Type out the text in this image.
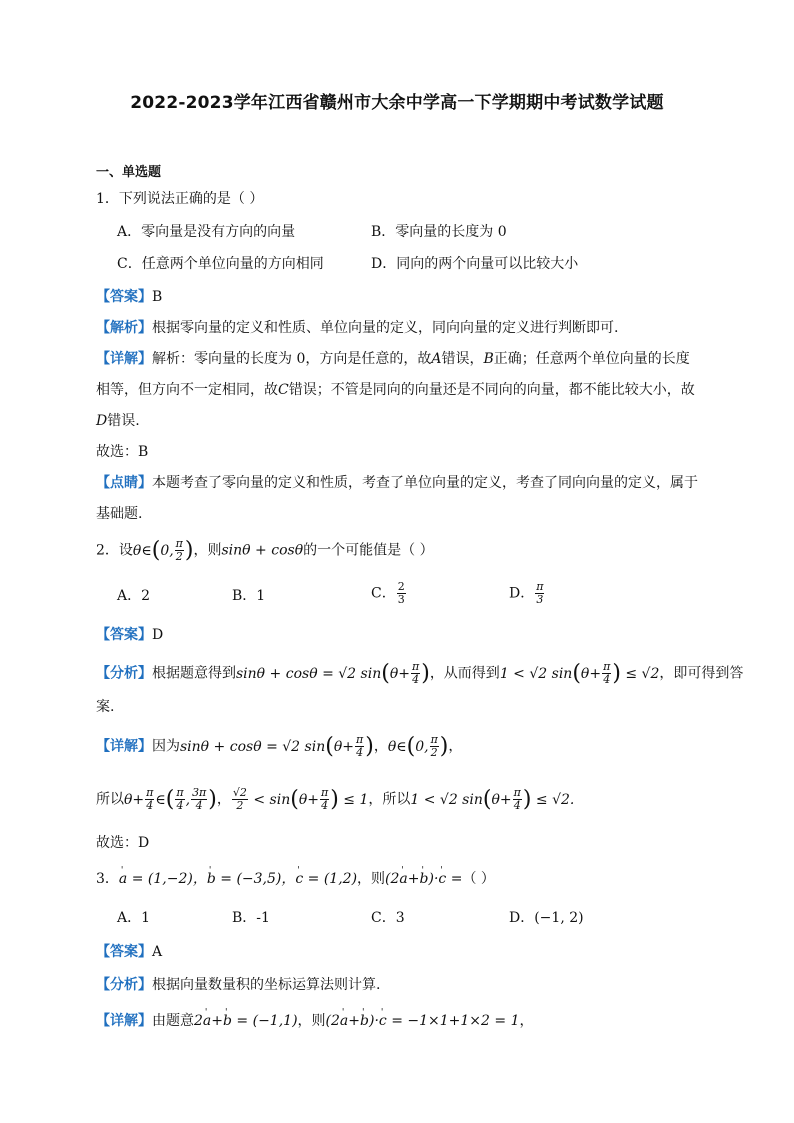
2022-2023学年江西省赣州市大余中学高一下学期期中考试数学试题
一、单选题
1．下列说法正确的是（ ）
A．零向量是没有方向的向量	B．零向量的长度为 0
C．任意两个单位向量的方向相同	D．同向的两个向量可以比较大小
【答案】B
【解析】根据零向量的定义和性质、单位向量的定义，同向向量的定义进行判断即可.
【详解】解析：零向量的长度为 0，方向是任意的，故A错误，B正确；任意两个单位向量的长度
相等，但方向不一定相同，故C错误；不管是同向的向量还是不同向的向量，都不能比较大小，故
D错误.
故选：B
【点睛】本题考查了零向量的定义和性质，考查了单位向量的定义，考查了同向向量的定义，属于
基础题.
2．设θ∈(0, $\frac{\pi}{2}$ )，则sinθ + cosθ的一个可能值是（ ）
A．2	B．1	C． $\frac{2}{3}$	D． $\frac{\pi}{3}$
【答案】D
【分析】根据题意得到sinθ + cosθ = √2 $\sin(\theta+ \frac{\pi}{4}$ )，从而得到1 < √2 $\sin(\theta+ \frac{\pi}{4}$ ) ≤ √2，即可得到答
案.
【详解】因为sinθ + cosθ = √2 $\sin(\theta+ \frac{\pi}{4}$ )，θ∈(0, $\frac{\pi}{2}$ )，
所以$\theta+ \frac{\pi}{4}$ ∈( $\frac{\pi}{4}$ , $\frac{3\pi}{4}$ )， $\frac{√2}{2} < \sin(\theta+ \frac{\pi}{4}$ ) ≤ 1，所以1 < √2 $\sin(\theta+ \frac{\pi}{4}$ ) ≤ √2.
故选：D
3．' a = (1,−2)，' b = (−3,5)，' c = (1,2)，则(2' a+' b)·' c =（ ）
A．1	B．-1	C．3	D．(−1, 2)
【答案】A
【分析】根据向量数量积的坐标运算法则计算.
【详解】由题意2' a+' b = (−1,1)，则(2' a+' b)·' c = −1×1+1×2 = 1，
